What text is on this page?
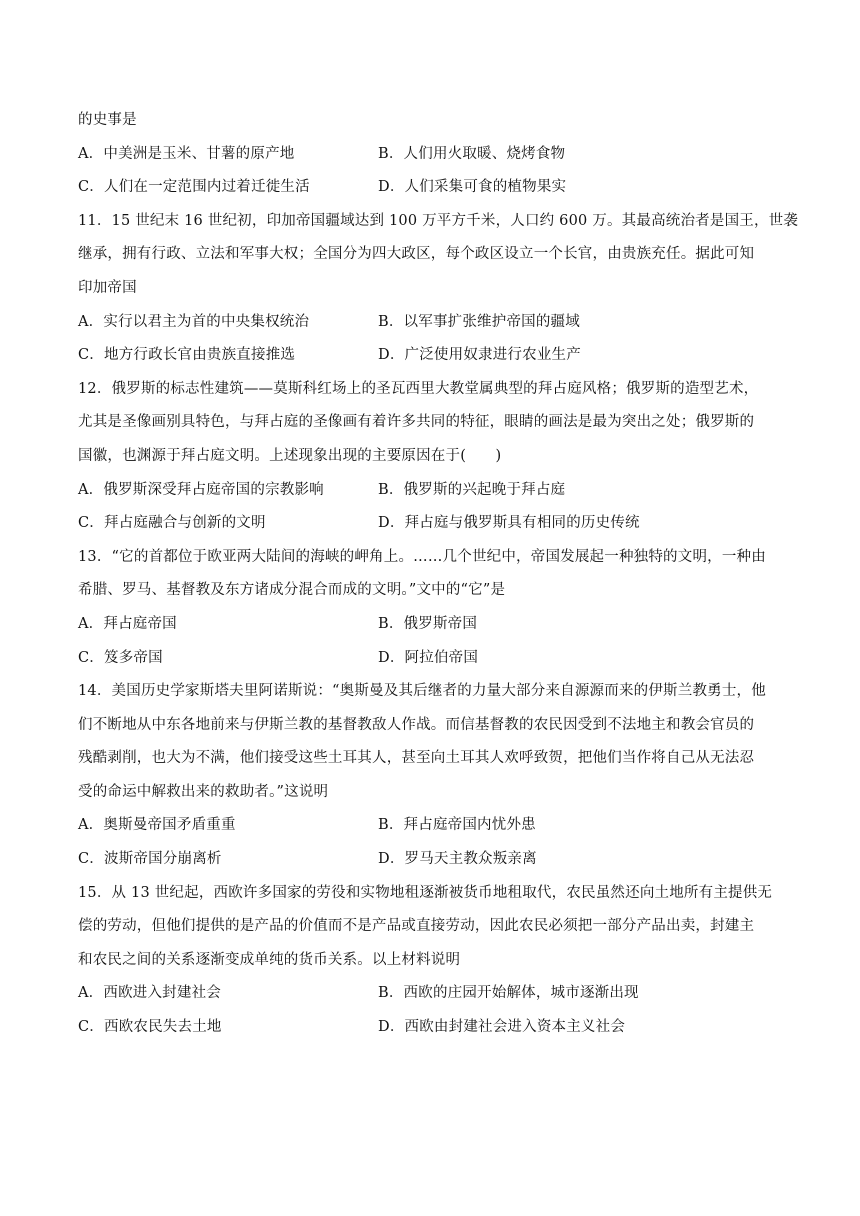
的史事是
A．中美洲是玉米、甘薯的原产地	B．人们用火取暖、烧烤食物
C．人们在一定范围内过着迁徙生活	D．人们采集可食的植物果实
11．15 世纪末 16 世纪初，印加帝国疆域达到 100 万平方千米，人口约 600 万。其最高统治者是国王，世袭
继承，拥有行政、立法和军事大权；全国分为四大政区，每个政区设立一个长官，由贵族充任。据此可知
印加帝国
A．实行以君主为首的中央集权统治	B．以军事扩张维护帝国的疆域
C．地方行政长官由贵族直接推选	D．广泛使用奴隶进行农业生产
12．俄罗斯的标志性建筑——莫斯科红场上的圣瓦西里大教堂属典型的拜占庭风格；俄罗斯的造型艺术，
尤其是圣像画别具特色，与拜占庭的圣像画有着许多共同的特征，眼睛的画法是最为突出之处；俄罗斯的
国徽，也渊源于拜占庭文明。上述现象出现的主要原因在于(　　)
A．俄罗斯深受拜占庭帝国的宗教影响	B．俄罗斯的兴起晚于拜占庭
C．拜占庭融合与创新的文明	D．拜占庭与俄罗斯具有相同的历史传统
13．“它的首都位于欧亚两大陆间的海峡的岬角上。……几个世纪中，帝国发展起一种独特的文明，一种由
希腊、罗马、基督教及东方诸成分混合而成的文明。”文中的“它”是
A．拜占庭帝国	B．俄罗斯帝国
C．笈多帝国	D．阿拉伯帝国
14．美国历史学家斯塔夫里阿诺斯说：“奥斯曼及其后继者的力量大部分来自源源而来的伊斯兰教勇士，他
们不断地从中东各地前来与伊斯兰教的基督教敌人作战。而信基督教的农民因受到不法地主和教会官员的
残酷剥削，也大为不满，他们接受这些土耳其人，甚至向土耳其人欢呼致贺，把他们当作将自己从无法忍
受的命运中解救出来的救助者。”这说明
A．奥斯曼帝国矛盾重重	B．拜占庭帝国内忧外患
C．波斯帝国分崩离析	D．罗马天主教众叛亲离
15．从 13 世纪起，西欧许多国家的劳役和实物地租逐渐被货币地租取代，农民虽然还向土地所有主提供无
偿的劳动，但他们提供的是产品的价值而不是产品或直接劳动，因此农民必须把一部分产品出卖，封建主
和农民之间的关系逐渐变成单纯的货币关系。以上材料说明
A．西欧进入封建社会	B．西欧的庄园开始解体，城市逐渐出现
C．西欧农民失去土地	D．西欧由封建社会进入资本主义社会
